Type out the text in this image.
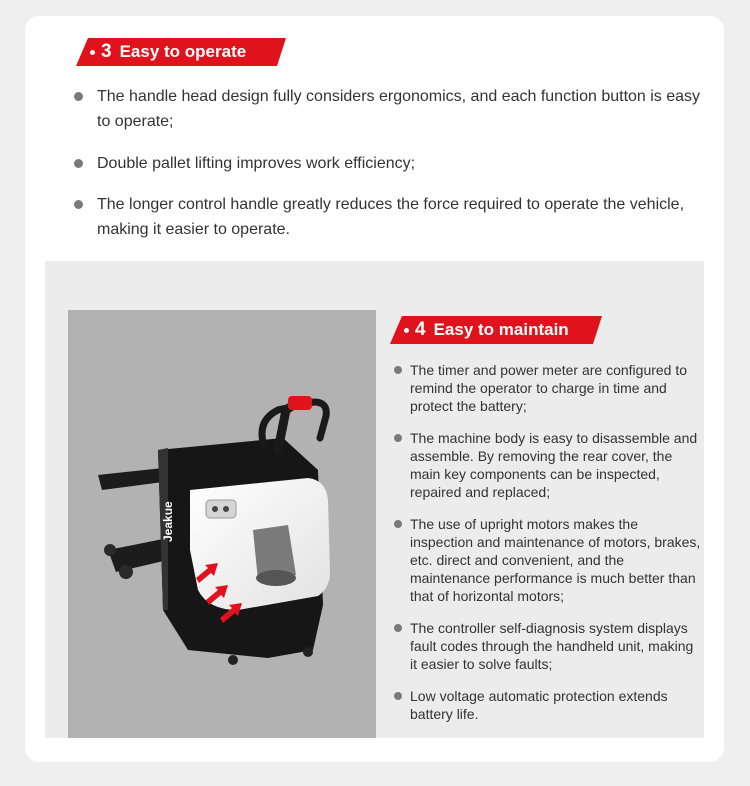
3 Easy to operate
The handle head design fully considers ergonomics, and each function button is easy to operate;
Double pallet lifting improves work efficiency;
The longer control handle greatly reduces the force required to operate the vehicle, making it easier to operate.
Jeakue
4 Easy to maintain
The timer and power meter are configured to remind the operator to charge in time and protect the battery;
The machine body is easy to disassemble and assemble. By removing the rear cover, the main key components can be inspected, repaired and replaced;
The use of upright motors makes the inspection and maintenance of motors, brakes, etc. direct and convenient, and the maintenance performance is much better than that of horizontal motors;
The controller self-diagnosis system displays fault codes through the handheld unit, making it easier to solve faults;
Low voltage automatic protection extends battery life.
